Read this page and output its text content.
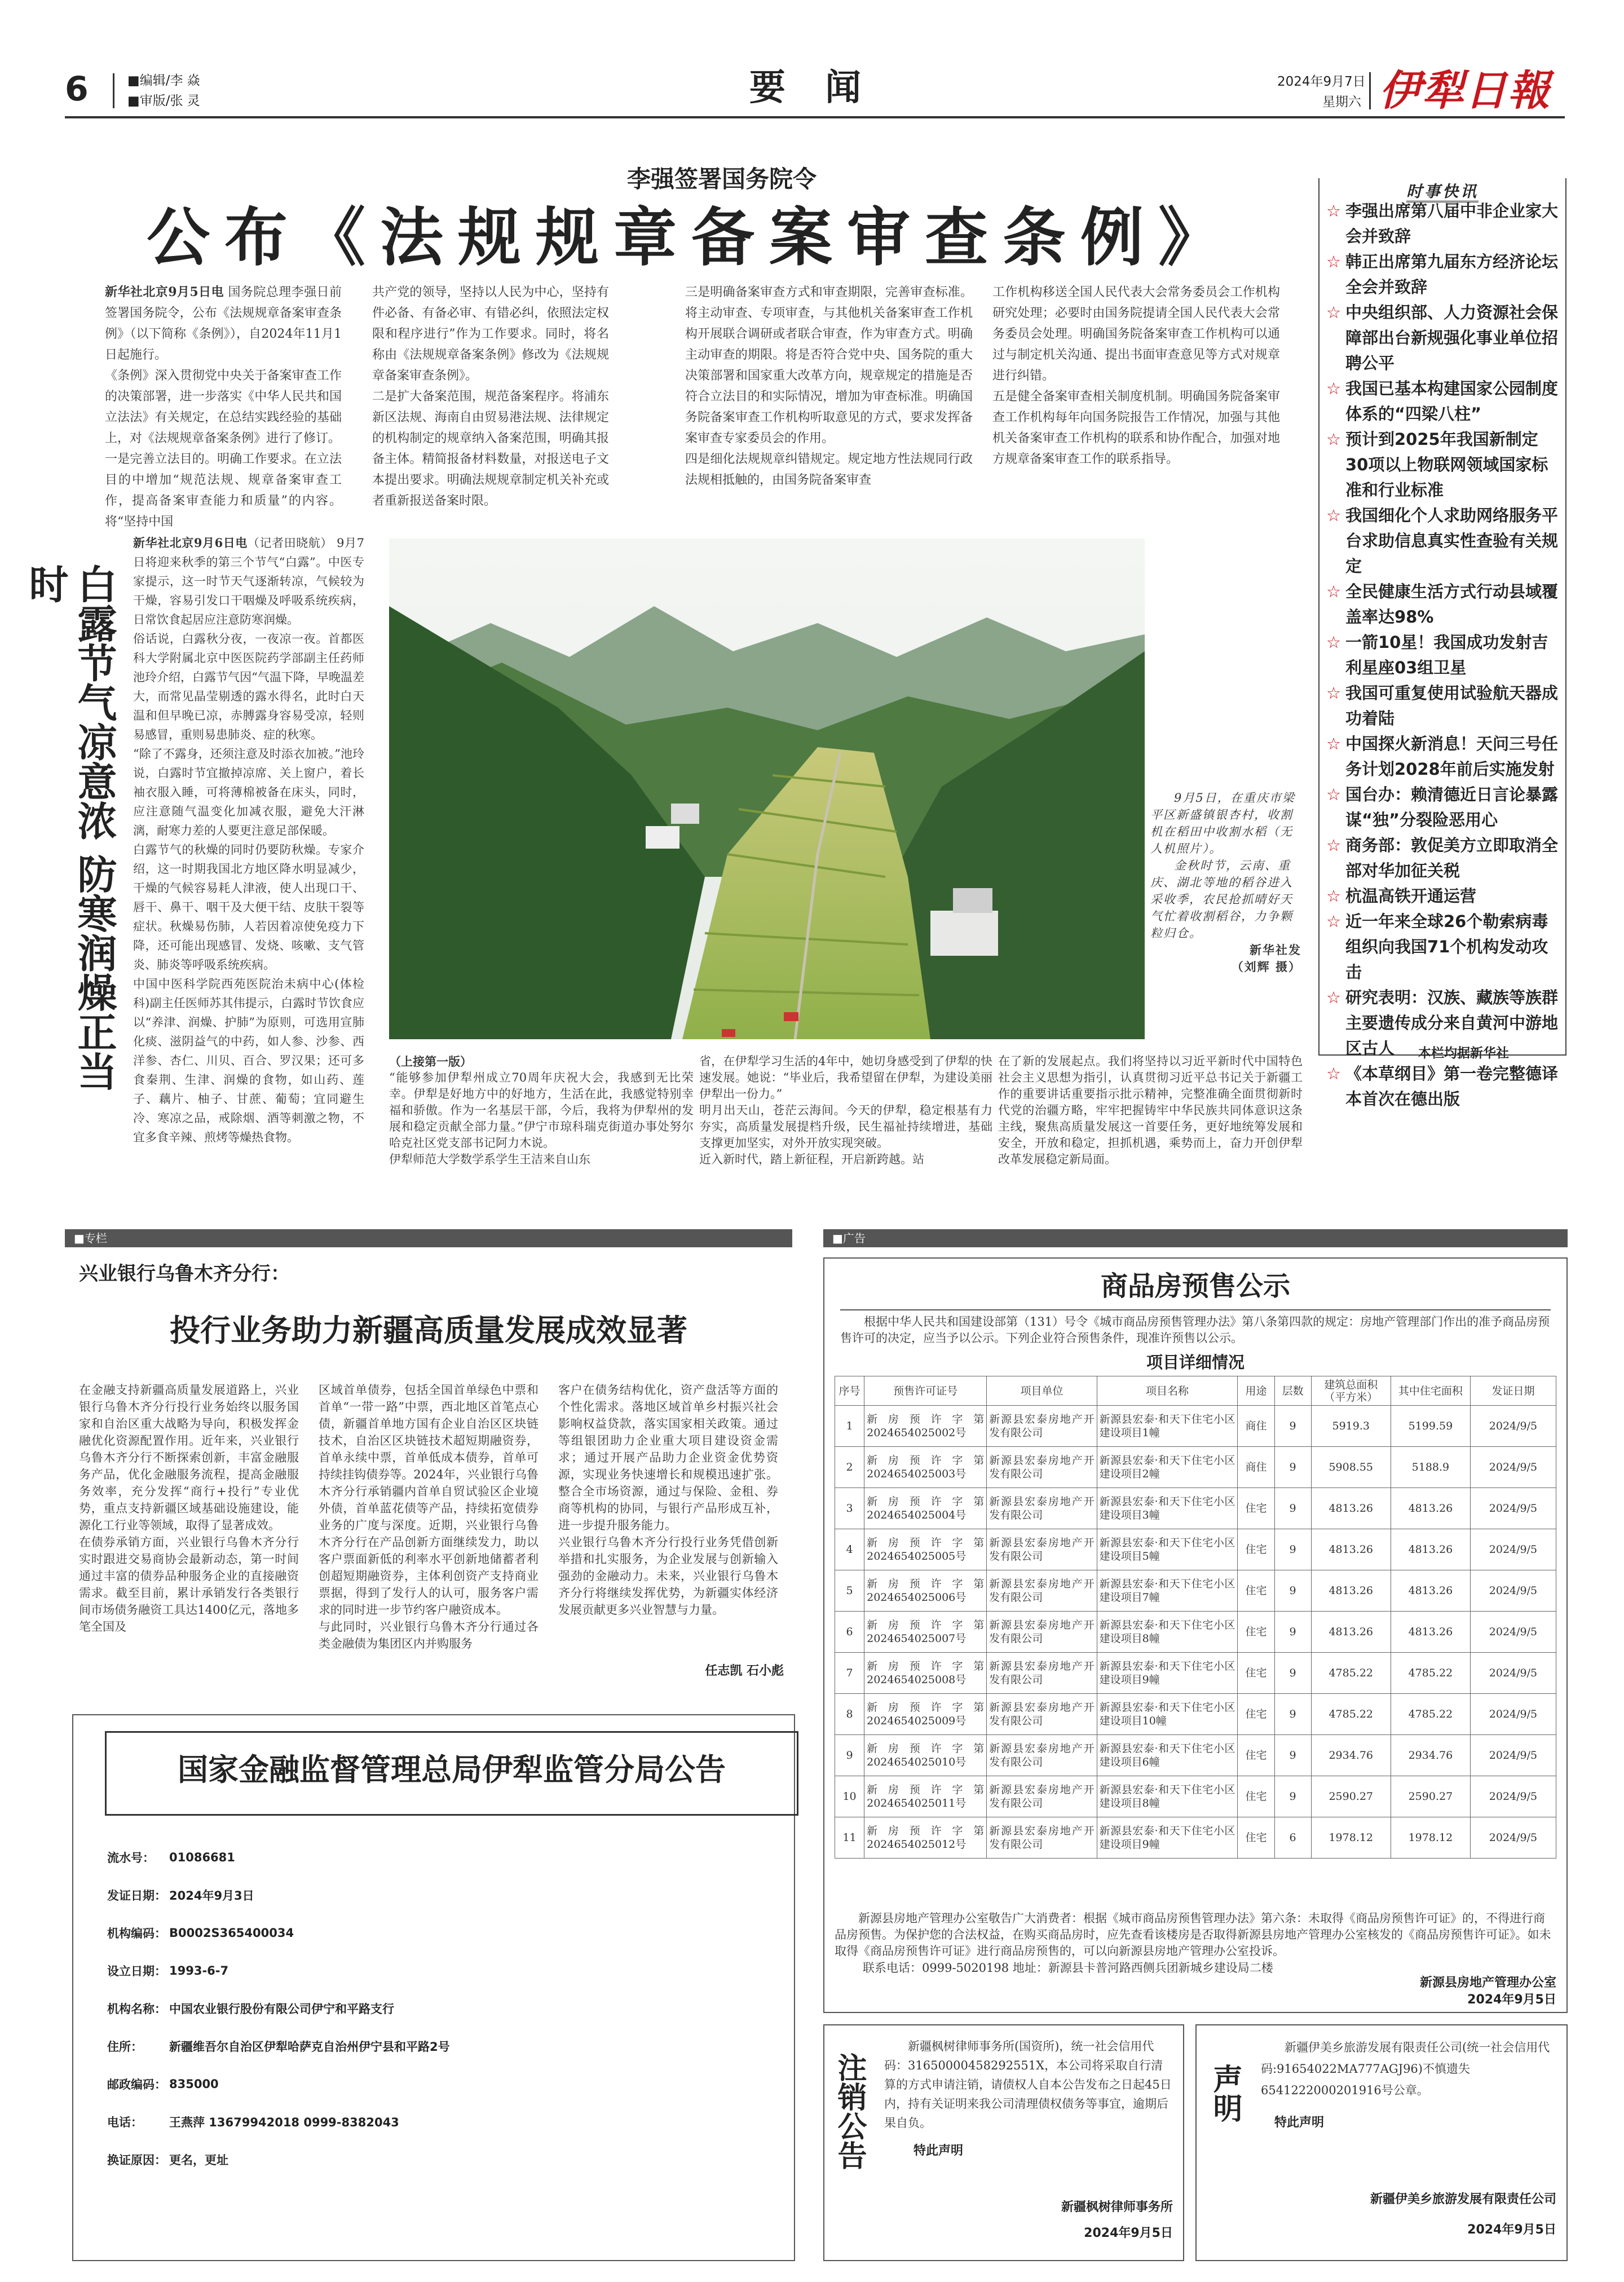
6	■编辑/李 焱
■审版/张 灵	要 闻	2024年9月7日
星期六 伊犁日報
李强签署国务院令
公布《法规规章备案审查条例》
新华社北京9月5日电 国务院总理李强日前签署国务院令，公布《法规规章备案审查条例》（以下简称《条例》），自2024年11月1日起施行。
《条例》深入贯彻党中央关于备案审查工作的决策部署，进一步落实《中华人民共和国立法法》有关规定，在总结实践经验的基础上，对《法规规章备案条例》进行了修订。
一是完善立法目的。明确工作要求。在立法目的中增加“规范法规、规章备案审查工作，提高备案审查能力和质量”的内容。将“坚持中国
共产党的领导，坚持以人民为中心，坚持有件必备、有备必审、有错必纠，依照法定权限和程序进行”作为工作要求。同时，将名称由《法规规章备案条例》修改为《法规规章备案审查条例》。
二是扩大备案范围，规范备案程序。将浦东新区法规、海南自由贸易港法规、法律规定的机构制定的规章纳入备案范围，明确其报备主体。精简报备材料数量，对报送电子文本提出要求。明确法规规章制定机关补充或者重新报送备案时限。
三是明确备案审查方式和审查期限，完善审查标准。将主动审查、专项审查，与其他机关备案审查工作机构开展联合调研或者联合审查，作为审查方式。明确主动审查的期限。将是否符合党中央、国务院的重大决策部署和国家重大改革方向，规章规定的措施是否符合立法目的和实际情况，增加为审查标准。明确国务院备案审查工作机构听取意见的方式，要求发挥备案审查专家委员会的作用。
四是细化法规规章纠错规定。规定地方性法规同行政法规相抵触的，由国务院备案审查
工作机构移送全国人民代表大会常务委员会工作机构研究处理；必要时由国务院提请全国人民代表大会常务委员会处理。明确国务院备案审查工作机构可以通过与制定机关沟通、提出书面审查意见等方式对规章进行纠错。
五是健全备案审查相关制度机制。明确国务院备案审查工作机构每年向国务院报告工作情况，加强与其他机关备案审查工作机构的联系和协作配合，加强对地方规章备案审查工作的联系指导。
时事快讯
☆ 李强出席第八届中非企业家大会并致辞
☆ 韩正出席第九届东方经济论坛全会并致辞
☆ 中央组织部、人力资源社会保障部出台新规强化事业单位招聘公平
☆ 我国已基本构建国家公园制度体系的“四梁八柱”
☆ 预计到2025年我国新制定30项以上物联网领域国家标准和行业标准
☆ 我国细化个人求助网络服务平台求助信息真实性查验有关规定
☆ 全民健康生活方式行动县域覆盖率达98%
☆ 一箭10星！我国成功发射吉利星座03组卫星
☆ 我国可重复使用试验航天器成功着陆
☆ 中国探火新消息！天问三号任务计划2028年前后实施发射
☆ 国台办：赖清德近日言论暴露谋“独”分裂险恶用心
☆ 商务部：敦促美方立即取消全部对华加征关税
☆ 杭温高铁开通运营
☆ 近一年来全球26个勒索病毒组织向我国71个机构发动攻击
☆ 研究表明：汉族、藏族等族群主要遗传成分来自黄河中游地区古人
☆ 《本草纲目》第一卷完整德译本首次在德出版
本栏均据新华社
白露节气凉意浓 防寒润燥正当时
新华社北京9月6日电（记者田晓航） 9月7日将迎来秋季的第三个节气“白露”。中医专家提示，这一时节天气逐渐转凉，气候较为干燥，容易引发口干咽燥及呼吸系统疾病，日常饮食起居应注意防寒润燥。
俗话说，白露秋分夜，一夜凉一夜。首都医科大学附属北京中医医院药学部副主任药师池玲介绍，白露节气因“气温下降，早晚温差大，而常见晶莹剔透的露水得名，此时白天温和但早晚已凉，赤膊露身容易受凉，轻则易感冒，重则易患肺炎、症的秋寒。
“除了不露身，还须注意及时添衣加被。”池玲说，白露时节宜撤掉凉席、关上窗户，着长袖衣服入睡，可将薄棉被备在床头，同时，应注意随气温变化加减衣服，避免大汗淋漓，耐寒力差的人要更注意足部保暖。
白露节气的秋燥的同时仍要防秋燥。专家介绍，这一时期我国北方地区降水明显减少，干燥的气候容易耗人津液，使人出现口干、唇干、鼻干、咽干及大便干结、皮肤干裂等症状。秋燥易伤肺，人若因着凉使免疫力下降，还可能出现感冒、发烧、咳嗽、支气管炎、肺炎等呼吸系统疾病。
中国中医科学院西苑医院治未病中心(体检科)副主任医师苏其伟提示，白露时节饮食应以“养津、润燥、护肺”为原则，可选用宣肺化痰、滋阴益气的中药，如人参、沙参、西洋参、杏仁、川贝、百合、罗汉果；还可多食秦荆、生津、润燥的食物，如山药、莲子、藕片、柚子、甘蔗、葡萄；宜同避生冷、寒凉之品，戒除烟、酒等刺激之物，不宜多食辛辣、煎烤等燥热食物。
9月5日，在重庆市梁平区新盛镇银杏村，收割机在稻田中收割水稻（无人机照片）。
金秋时节，云南、重庆、湖北等地的稻谷进入采收季，农民抢抓晴好天气忙着收割稻谷，力争颗粒归仓。
新华社发
（刘辉 摄）
（上接第一版）
“能够参加伊犁州成立70周年庆祝大会，我感到无比荣幸。伊犁是好地方中的好地方，生活在此，我感觉特别幸福和骄傲。作为一名基层干部，今后，我将为伊犁州的发展和稳定贡献全部力量。”伊宁市琼科瑞克街道办事处努尔哈克社区党支部书记阿力木说。
伊犁师范大学数学系学生王洁来自山东
省，在伊犁学习生活的4年中，她切身感受到了伊犁的快速发展。她说：“毕业后，我希望留在伊犁，为建设美丽伊犁出一份力。”
明月出天山，苍茫云海间。今天的伊犁，稳定根基有力夯实，高质量发展提档升级，民生福祉持续增进，基础支撑更加坚实，对外开放实现突破。
近入新时代，踏上新征程，开启新跨越。站
在了新的发展起点。我们将坚持以习近平新时代中国特色社会主义思想为指引，认真贯彻习近平总书记关于新疆工作的重要讲话重要指示批示精神，完整准确全面贯彻新时代党的治疆方略，牢牢把握铸牢中华民族共同体意识这条主线，聚焦高质量发展这一首要任务，更好地统筹发展和安全，开放和稳定，担抓机遇，乘势而上，奋力开创伊犁改革发展稳定新局面。
■专栏	■广告
兴业银行乌鲁木齐分行：
投行业务助力新疆高质量发展成效显著
在金融支持新疆高质量发展道路上，兴业银行乌鲁木齐分行投行业务始终以服务国家和自治区重大战略为导向，积极发挥金融优化资源配置作用。近年来，兴业银行乌鲁木齐分行不断探索创新，丰富金融服务产品，优化金融服务流程，提高金融服务效率，充分发挥“商行+投行”专业优势，重点支持新疆区域基础设施建设，能源化工行业等领域，取得了显著成效。
在债券承销方面，兴业银行乌鲁木齐分行实时跟进交易商协会最新动态，第一时间通过丰富的债券品种服务企业的直接融资需求。截至目前，累计承销发行各类银行间市场债务融资工具达1400亿元，落地多笔全国及
区域首单债券，包括全国首单绿色中票和首单“一带一路”中票，西北地区首笔点心债，新疆首单地方国有企业自治区区块链技术，自治区区块链技术超短期融资券，首单永续中票，首单低成本债券，首单可持续挂钩债券等。2024年，兴业银行乌鲁木齐分行承销疆内首单自贸试验区企业境外债，首单蓝花债等产品，持续拓宽债券业务的广度与深度。近期，兴业银行乌鲁木齐分行在产品创新方面继续发力，助以客户票面新低的利率水平创新地储蓄者利创超短期融资券，主体利创资产支持商业票据，得到了发行人的认可，服务客户需求的同时进一步节约客户融资成本。
与此同时，兴业银行乌鲁木齐分行通过各类金融债为集团区内并购服务
客户在债务结构优化，资产盘活等方面的个性化需求。落地区域首单乡村振兴社会影响权益贷款，落实国家相关政策。通过等组银团助力企业重大项目建设资金需求；通过开展产品助力企业资金优势资源，实现业务快速增长和规模迅速扩张。整合全市场资源，通过与保险、金租、券商等机构的协同，与银行产品形成互补，进一步提升服务能力。
兴业银行乌鲁木齐分行投行业务凭借创新举措和扎实服务，为企业发展与创新输入强劲的金融动力。未来，兴业银行乌鲁木齐分行将继续发挥优势，为新疆实体经济发展贡献更多兴业智慧与力量。
任志凯 石小彪
国家金融监督管理总局伊犁监管分局公告
流水号：	01086681
发证日期： 2024年9月3日
机构编码： B0002S365400034
设立日期： 1993-6-7
机构名称： 中国农业银行股份有限公司伊宁和平路支行
住所：	新疆维吾尔自治区伊犁哈萨克自治州伊宁县和平路2号
邮政编码： 835000
电话：	王燕萍 13679942018 0999-8382043
换证原因： 更名，更址
商品房预售公示
根据中华人民共和国建设部第（131）号令《城市商品房预售管理办法》第八条第四款的规定：房地产管理部门作出的准予商品房预售许可的决定，应当予以公示。下列企业符合预售条件，现准许预售以公示。
项目详细情况
序号	预售许可证号	项目单位	项目名称	用途	层数	建筑总面积（平方米）	其中住宅面积	发证日期
1	新房预许字第2024654025002号	新源县宏泰房地产开发有限公司	新源县宏泰·和天下住宅小区建设项目1幢	商住	9	5919.3	5199.59	2024/9/5
2	新房预许字第2024654025003号	新源县宏泰房地产开发有限公司	新源县宏泰·和天下住宅小区建设项目2幢	商住	9	5908.55	5188.9	2024/9/5
3	新房预许字第2024654025004号	新源县宏泰房地产开发有限公司	新源县宏泰·和天下住宅小区建设项目3幢	住宅	9	4813.26	4813.26	2024/9/5
4	新房预许字第2024654025005号	新源县宏泰房地产开发有限公司	新源县宏泰·和天下住宅小区建设项目5幢	住宅	9	4813.26	4813.26	2024/9/5
5	新房预许字第2024654025006号	新源县宏泰房地产开发有限公司	新源县宏泰·和天下住宅小区建设项目7幢	住宅	9	4813.26	4813.26	2024/9/5
6	新房预许字第2024654025007号	新源县宏泰房地产开发有限公司	新源县宏泰·和天下住宅小区建设项目8幢	住宅	9	4813.26	4813.26	2024/9/5
7	新房预许字第2024654025008号	新源县宏泰房地产开发有限公司	新源县宏泰·和天下住宅小区建设项目9幢	住宅	9	4785.22	4785.22	2024/9/5
8	新房预许字第2024654025009号	新源县宏泰房地产开发有限公司	新源县宏泰·和天下住宅小区建设项目10幢	住宅	9	4785.22	4785.22	2024/9/5
9	新房预许字第2024654025010号	新源县宏泰房地产开发有限公司	新源县宏泰·和天下住宅小区建设项目6幢	住宅	9	2934.76	2934.76	2024/9/5
10	新房预许字第2024654025011号	新源县宏泰房地产开发有限公司	新源县宏泰·和天下住宅小区建设项目8幢	住宅	9	2590.27	2590.27	2024/9/5
11	新房预许字第2024654025012号	新源县宏泰房地产开发有限公司	新源县宏泰·和天下住宅小区建设项目9幢	住宅	6	1978.12	1978.12	2024/9/5
新源县房地产管理办公室敬告广大消费者：根据《城市商品房预售管理办法》第六条：未取得《商品房预售许可证》的，不得进行商品房预售。为保护您的合法权益，在购买商品房时，应先查看该楼房是否取得新源县房地产管理办公室核发的《商品房预售许可证》。如未取得《商品房预售许可证》进行商品房预售的，可以向新源县房地产管理办公室投诉。
联系电话：0999-5020198 地址：新源县卡普河路西侧兵团新城乡建设局二楼
新源县房地产管理办公室
2024年9月5日
注销公告
新疆枫树律师事务所(国资所)，统一社会信用代码：31650000458292551X，本公司将采取自行清算的方式申请注销，请债权人自本公告发布之日起45日内，持有关证明来我公司清理债权债务等事宜，逾期后果自负。
特此声明
新疆枫树律师事务所
2024年9月5日
声明
新疆伊美乡旅游发展有限责任公司(统一社会信用代码:91654022MA777AGJ96)不慎遗失6541222000201916号公章。
特此声明
新疆伊美乡旅游发展有限责任公司
2024年9月5日
